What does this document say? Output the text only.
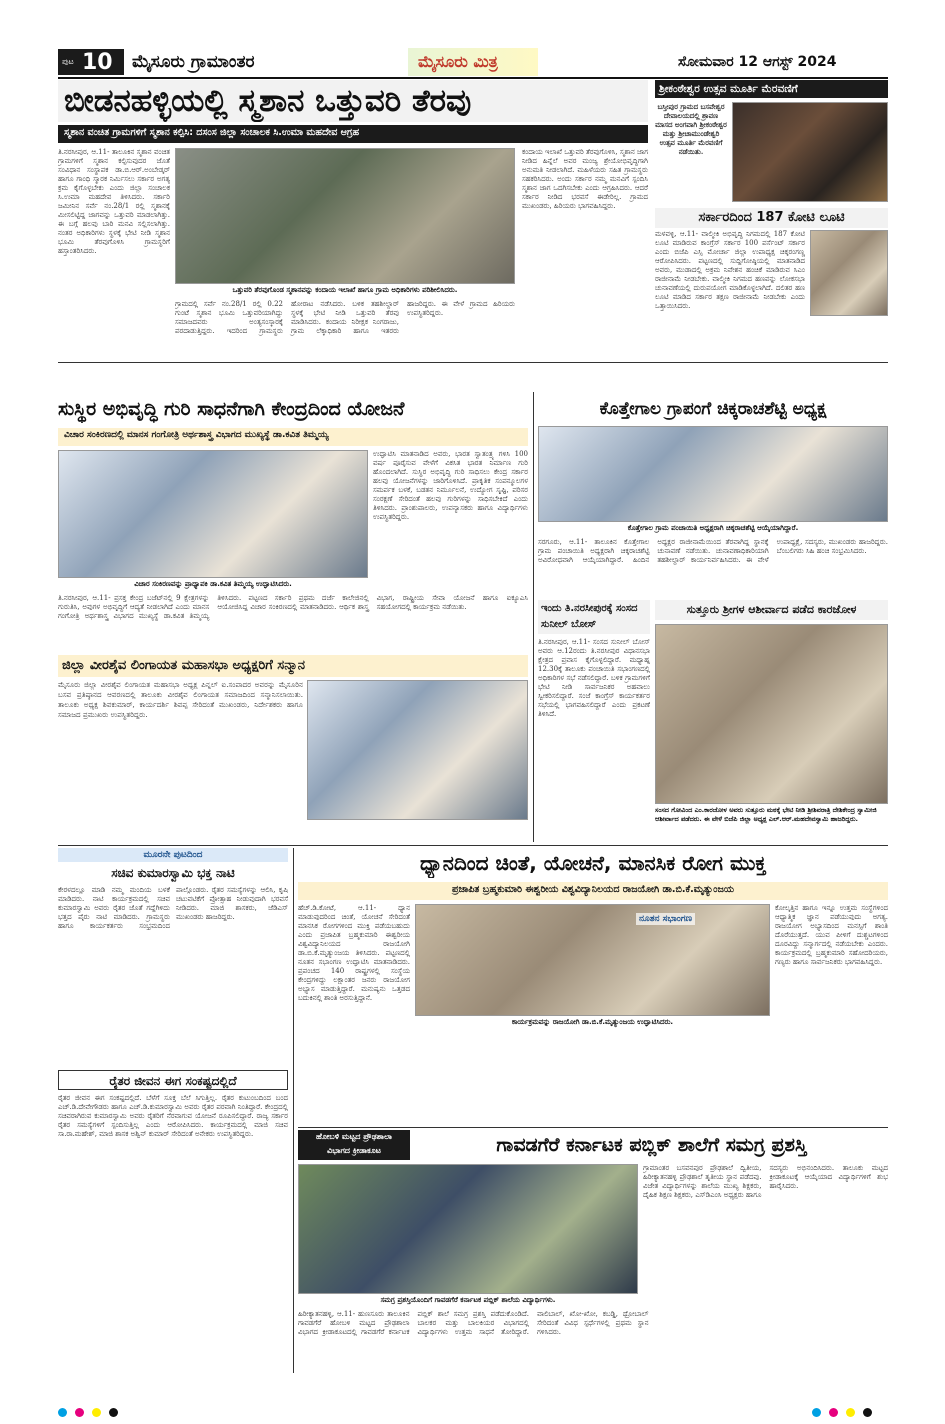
ಪುಟ 10 ಮೈಸೂರು ಗ್ರಾಮಾಂತರ	ಮೈಸೂರು ಮಿತ್ರ	ಸೋಮವಾರ 12 ಆಗಸ್ಟ್ 2024
ಬೀಡನಹಳ್ಳಿಯಲ್ಲಿ ಸ್ಮಶಾನ ಒತ್ತುವರಿ ತೆರವು
ಸ್ಮಶಾನ ವಂಚಿತ ಗ್ರಾಮಗಳಿಗೆ ಸ್ಮಶಾನ ಕಲ್ಪಿಸಿ: ದಸಂಸ ಜಿಲ್ಲಾ ಸಂಚಾಲಕ ಸಿ.ಉಮಾ ಮಹದೇವ ಆಗ್ರಹ
ತಿ.ನರಸೀಪುರ, ಆ.11- ತಾಲೂಕಿನ ಸ್ಮಶಾನ ವಂಚಿತ ಗ್ರಾಮಗಳಿಗೆ ಸ್ಮಶಾನ ಕಲ್ಪಿಸುವುದರ ಜೊತೆ ಸಂವಿಧಾನ ಸಂಸ್ಥಾಪಕ ಡಾ.ಬಿ.ಆರ್.ಅಂಬೇಡ್ಕರ್ ಹಾಗೂ ಗಾಂಧಿ ಸ್ಮಾರಕ ನಿರ್ಮಿಸಲು ಸರ್ಕಾರ ಅಗತ್ಯ ಕ್ರಮ ಕೈಗೊಳ್ಳಬೇಕು ಎಂದು ಜಿಲ್ಲಾ ಸಂಚಾಲಕ ಸಿ.ಉಮಾ ಮಹದೇವ ತಿಳಿಸಿದರು. ಸರ್ಕಾರಿ ಜಮೀನಿನ ಸರ್ವೆ ನಂ.28/1 ರಲ್ಲಿ ಸ್ಮಶಾನಕ್ಕೆ ಮೀಸಲಿಟ್ಟಿದ್ದ ಜಾಗವನ್ನು ಒತ್ತುವರಿ ಮಾಡಲಾಗಿತ್ತು. ಈ ಬಗ್ಗೆ ಹಲವು ಬಾರಿ ಮನವಿ ಸಲ್ಲಿಸಲಾಗಿತ್ತು. ನಂತರ ಅಧಿಕಾರಿಗಳು ಸ್ಥಳಕ್ಕೆ ಭೇಟಿ ನೀಡಿ ಸ್ಮಶಾನ ಭೂಮಿ ತೆರವುಗೊಳಿಸಿ ಗ್ರಾಮಸ್ಥರಿಗೆ ಹಸ್ತಾಂತರಿಸಿದರು.
ಒತ್ತುವರಿ ತೆರವುಗೊಂಡ ಸ್ಮಶಾನವನ್ನು ಕಂದಾಯ ಇಲಾಖೆ ಹಾಗೂ ಗ್ರಾಮ ಅಧಿಕಾರಿಗಳು ಪರಿಶೀಲಿಸಿದರು.
ಕಂದಾಯ ಇಲಾಖೆ ಒತ್ತುವರಿ ತೆರವುಗೊಳಿಸಿ, ಸ್ಮಶಾನ ಜಾಗ ನೀಡಿದ ಹಿನ್ನೆಲೆ ಅವರ ಮಂಜ್ಯ ಶ್ರೇಯೋಭಿವೃದ್ಧಿಗಾಗಿ ಅನುಮತಿ ನೀಡಲಾಗಿದೆ. ಮಹಿಳೆಯರು ಸಹಿತ ಗ್ರಾಮಸ್ಥರು ಸಹಕರಿಸಿದರು. ಅಂದು ಸರ್ಕಾರ ನಮ್ಮ ಮನವಿಗೆ ಸ್ಪಂದಿಸಿ ಸ್ಮಶಾನ ಜಾಗ ಒದಗಿಸಬೇಕು ಎಂದು ಆಗ್ರಹಿಸಿದರು. ಆದರೆ ಸರ್ಕಾರ ನೀಡಿದ ಭರವಸೆ ಈಡೇರಿಲ್ಲ. ಗ್ರಾಮದ ಮುಖಂಡರು, ಹಿರಿಯರು ಭಾಗವಹಿಸಿದ್ದರು.
ಗ್ರಾಮದಲ್ಲಿ ಸರ್ವೆ ನಂ.28/1 ರಲ್ಲಿ 0.22 ಗುಂಟೆ ಸ್ಮಶಾನ ಭೂಮಿ ಒತ್ತುವರಿಯಾಗಿದ್ದು ಸಮಾಜದವರು ಅಂತ್ಯಸಂಸ್ಕಾರಕ್ಕೆ ಪರದಾಡುತ್ತಿದ್ದರು. ಇದರಿಂದ ಗ್ರಾಮಸ್ಥರು ಹೋರಾಟ ನಡೆಸಿದರು. ಬಳಿಕ ತಹಶೀಲ್ದಾರ್ ಸ್ಥಳಕ್ಕೆ ಭೇಟಿ ನೀಡಿ ಒತ್ತುವರಿ ತೆರವು ಮಾಡಿಸಿದರು. ಕಂದಾಯ ನಿರೀಕ್ಷಕ ನಿಂಗರಾಜು, ಗ್ರಾಮ ಲೆಕ್ಕಾಧಿಕಾರಿ ಹಾಗೂ ಇತರರು ಹಾಜರಿದ್ದರು. ಈ ವೇಳೆ ಗ್ರಾಮದ ಹಿರಿಯರು ಉಪಸ್ಥಿತರಿದ್ದರು.
ಶ್ರೀಕಂಠೇಶ್ವರ ಉತ್ಸವ ಮೂರ್ತಿ ಮೆರವಣಿಗೆ
ಬಸ್ತೀಪುರ ಗ್ರಾಮದ ಬಸವೇಶ್ವರ ದೇವಾಲಯದಲ್ಲಿ ಶ್ರಾವಣ ಮಾಸದ ಅಂಗವಾಗಿ ಶ್ರೀಕಂಠೇಶ್ವರ ಮತ್ತು ಶ್ರೀಚಾಮುಂಡೇಶ್ವರಿ ಉತ್ಸವ ಮೂರ್ತಿ ಮೆರವಣಿಗೆ ನಡೆಯಿತು.
ಸರ್ಕಾರದಿಂದ 187 ಕೋಟಿ ಲೂಟಿ
ಮಳವಳ್ಳಿ, ಆ.11- ವಾಲ್ಮೀಕಿ ಅಭಿವೃದ್ಧಿ ನಿಗಮದಲ್ಲಿ 187 ಕೋಟಿ ಲೂಟಿ ಮಾಡಿರುವ ಕಾಂಗ್ರೆಸ್ ಸರ್ಕಾರ 100 ಪರ್ಸೆಂಟ್ ಸರ್ಕಾರ ಎಂದು ಬಿಜೆಪಿ ಎಸ್ಸಿ ಮೋರ್ಚಾ ಜಿಲ್ಲಾ ಉಪಾಧ್ಯಕ್ಷ ಚಿಕ್ಕರಂಗಣ್ಣ ಆರೋಪಿಸಿದರು. ಪಟ್ಟಣದಲ್ಲಿ ಸುದ್ದಿಗೋಷ್ಠಿಯಲ್ಲಿ ಮಾತನಾಡಿದ ಅವರು, ಮುಡಾದಲ್ಲಿ ಅಕ್ರಮ ನಿವೇಶನ ಹಂಚಿಕೆ ಮಾಡಿರುವ ಸಿಎಂ ರಾಜೀನಾಮೆ ನೀಡಬೇಕು. ವಾಲ್ಮೀಕಿ ನಿಗಮದ ಹಣವನ್ನು ಲೋಕಸಭಾ ಚುನಾವಣೆಯಲ್ಲಿ ದುರುಪಯೋಗ ಮಾಡಿಕೊಳ್ಳಲಾಗಿದೆ. ದಲಿತರ ಹಣ ಲೂಟಿ ಮಾಡಿದ ಸರ್ಕಾರ ತಕ್ಷಣ ರಾಜೀನಾಮೆ ನೀಡಬೇಕು ಎಂದು ಒತ್ತಾಯಿಸಿದರು.
ಸುಸ್ಥಿರ ಅಭಿವೃದ್ಧಿ ಗುರಿ ಸಾಧನೆಗಾಗಿ ಕೇಂದ್ರದಿಂದ ಯೋಜನೆ
ವಿಚಾರ ಸಂಕಿರಣದಲ್ಲಿ ಮಾನಸ ಗಂಗೋತ್ರಿ ಅರ್ಥಶಾಸ್ತ್ರ ವಿಭಾಗದ ಮುಖ್ಯಸ್ಥೆ ಡಾ.ಕವಿತ ತಿಮ್ಮಯ್ಯ
ವಿಚಾರ ಸಂಕಿರಣವನ್ನು ಪ್ರಾಧ್ಯಾಪಕಿ ಡಾ.ಕವಿತ ತಿಮ್ಮಯ್ಯ ಉದ್ಘಾಟಿಸಿದರು.
ಉದ್ಘಾಟಿಸಿ ಮಾತನಾಡಿದ ಅವರು, ಭಾರತ ಸ್ವಾತಂತ್ರ್ಯ ಗಳಿಸಿ 100 ವರ್ಷ ಪೂರೈಸುವ ವೇಳೆಗೆ ವಿಕಸಿತ ಭಾರತ ನಿರ್ಮಾಣ ಗುರಿ ಹೊಂದಲಾಗಿದೆ. ಸುಸ್ಥಿರ ಅಭಿವೃದ್ಧಿ ಗುರಿ ಸಾಧಿಸಲು ಕೇಂದ್ರ ಸರ್ಕಾರ ಹಲವು ಯೋಜನೆಗಳನ್ನು ಜಾರಿಗೊಳಿಸಿದೆ. ಪ್ರಾಕೃತಿಕ ಸಂಪನ್ಮೂಲಗಳ ಸಮರ್ಪಕ ಬಳಕೆ, ಬಡತನ ನಿರ್ಮೂಲನೆ, ಉದ್ಯೋಗ ಸೃಷ್ಟಿ, ಪರಿಸರ ಸಂರಕ್ಷಣೆ ಸೇರಿದಂತೆ ಹಲವು ಗುರಿಗಳನ್ನು ಸಾಧಿಸಬೇಕಿದೆ ಎಂದು ತಿಳಿಸಿದರು. ಪ್ರಾಂಶುಪಾಲರು, ಉಪನ್ಯಾಸಕರು ಹಾಗೂ ವಿದ್ಯಾರ್ಥಿಗಳು ಉಪಸ್ಥಿತರಿದ್ದರು.
ತಿ.ನರಸೀಪುರ, ಆ.11- ಪ್ರಸಕ್ತ ಕೇಂದ್ರ ಬಜೆಟ್‌ನಲ್ಲಿ 9 ಕ್ಷೇತ್ರಗಳನ್ನು ಗುರುತಿಸಿ, ಅವುಗಳ ಅಭಿವೃದ್ಧಿಗೆ ಆದ್ಯತೆ ನೀಡಲಾಗಿದೆ ಎಂದು ಮಾನಸ ಗಂಗೋತ್ರಿ ಅರ್ಥಶಾಸ್ತ್ರ ವಿಭಾಗದ ಮುಖ್ಯಸ್ಥೆ ಡಾ.ಕವಿತ ತಿಮ್ಮಯ್ಯ ತಿಳಿಸಿದರು. ಪಟ್ಟಣದ ಸರ್ಕಾರಿ ಪ್ರಥಮ ದರ್ಜೆ ಕಾಲೇಜಿನಲ್ಲಿ ಆಯೋಜಿಸಿದ್ದ ವಿಚಾರ ಸಂಕಿರಣದಲ್ಲಿ ಮಾತನಾಡಿದರು. ಆರ್ಥಿಕ ಶಾಸ್ತ್ರ ವಿಭಾಗ, ರಾಷ್ಟ್ರೀಯ ಸೇವಾ ಯೋಜನೆ ಹಾಗೂ ಐಕ್ಯೂಎಸಿ ಸಹಯೋಗದಲ್ಲಿ ಕಾರ್ಯಕ್ರಮ ನಡೆಯಿತು.
ಕೊತ್ತೇಗಾಲ ಗ್ರಾಪಂಗೆ ಚಿಕ್ಕರಾಚಶೆಟ್ಟಿ ಅಧ್ಯಕ್ಷ
ಕೊತ್ತೇಗಾಲ ಗ್ರಾಮ ಪಂಚಾಯಿತಿ ಅಧ್ಯಕ್ಷರಾಗಿ ಚಿಕ್ಕರಾಚಶೆಟ್ಟಿ ಆಯ್ಕೆಯಾಗಿದ್ದಾರೆ.
ಸರಗೂರು, ಆ.11- ತಾಲೂಕಿನ ಕೊತ್ತೇಗಾಲ ಗ್ರಾಮ ಪಂಚಾಯಿತಿ ಅಧ್ಯಕ್ಷರಾಗಿ ಚಿಕ್ಕರಾಚಶೆಟ್ಟಿ ಅವಿರೋಧವಾಗಿ ಆಯ್ಕೆಯಾಗಿದ್ದಾರೆ. ಹಿಂದಿನ ಅಧ್ಯಕ್ಷರ ರಾಜೀನಾಮೆಯಿಂದ ತೆರವಾಗಿದ್ದ ಸ್ಥಾನಕ್ಕೆ ಚುನಾವಣೆ ನಡೆಯಿತು. ಚುನಾವಣಾಧಿಕಾರಿಯಾಗಿ ತಹಶೀಲ್ದಾರ್ ಕಾರ್ಯನಿರ್ವಹಿಸಿದರು. ಈ ವೇಳೆ ಉಪಾಧ್ಯಕ್ಷೆ, ಸದಸ್ಯರು, ಮುಖಂಡರು ಹಾಜರಿದ್ದರು. ಬೆಂಬಲಿಗರು ಸಿಹಿ ಹಂಚಿ ಸಂಭ್ರಮಿಸಿದರು.
ಇಂದು ತಿ.ನರಸೀಪುರಕ್ಕೆ ಸಂಸದ ಸುನೀಲ್ ಬೋಸ್
ತಿ.ನರಸೀಪುರ, ಆ.11- ಸಂಸದ ಸುನೀಲ್ ಬೋಸ್ ಅವರು ಆ.12ರಂದು ತಿ.ನರಸೀಪುರ ವಿಧಾನಸಭಾ ಕ್ಷೇತ್ರದ ಪ್ರವಾಸ ಕೈಗೊಳ್ಳಲಿದ್ದಾರೆ. ಮಧ್ಯಾಹ್ನ 12.30ಕ್ಕೆ ತಾಲೂಕು ಪಂಚಾಯಿತಿ ಸಭಾಂಗಣದಲ್ಲಿ ಅಧಿಕಾರಿಗಳ ಸಭೆ ನಡೆಸಲಿದ್ದಾರೆ. ಬಳಿಕ ಗ್ರಾಮಗಳಿಗೆ ಭೇಟಿ ನೀಡಿ ಸಾರ್ವಜನಿಕರ ಅಹವಾಲು ಸ್ವೀಕರಿಸಲಿದ್ದಾರೆ. ಸಂಜೆ ಕಾಂಗ್ರೆಸ್ ಕಾರ್ಯಕರ್ತರ ಸಭೆಯಲ್ಲಿ ಭಾಗವಹಿಸಲಿದ್ದಾರೆ ಎಂದು ಪ್ರಕಟಣೆ ತಿಳಿಸಿದೆ.
ಸುತ್ತೂರು ಶ್ರೀಗಳ ಆಶೀರ್ವಾದ ಪಡೆದ ಕಾರಜೋಳ
ಸಂಸದ ಗೋವಿಂದ ಎಂ.ಕಾರಜೋಳ ಅವರು ಸುತ್ತೂರು ಮಠಕ್ಕೆ ಭೇಟಿ ನೀಡಿ ಶ್ರೀಶಿವರಾತ್ರಿ ದೇಶಿಕೇಂದ್ರ ಸ್ವಾಮೀಜಿ ಆಶೀರ್ವಾದ ಪಡೆದರು. ಈ ವೇಳೆ ಬಿಜೆಪಿ ಜಿಲ್ಲಾ ಅಧ್ಯಕ್ಷ ಎಲ್.ಆರ್.ಮಹದೇವಸ್ವಾಮಿ ಹಾಜರಿದ್ದರು.
ಜಿಲ್ಲಾ ವೀರಶೈವ ಲಿಂಗಾಯತ ಮಹಾಸಭಾ ಅಧ್ಯಕ್ಷರಿಗೆ ಸನ್ಮಾನ
ಮೈಸೂರು ಜಿಲ್ಲಾ ವೀರಶೈವ ಲಿಂಗಾಯತ ಮಹಾಸಭಾ ಅಧ್ಯಕ್ಷ ಪಿನ್ನಲ್ ಐ.ಸಂಪಾದರ ಅವರನ್ನು ಮೈಸೂರಿನ ಬಸವ ಪ್ರತಿಷ್ಠಾನದ ಆವರಣದಲ್ಲಿ ತಾಲೂಕು ವೀರಶೈವ ಲಿಂಗಾಯತ ಸಮಾಜದಿಂದ ಸನ್ಮಾನಿಸಲಾಯಿತು. ತಾಲೂಕು ಅಧ್ಯಕ್ಷ ಶಿವಕುಮಾರ್, ಕಾರ್ಯದರ್ಶಿ ಶಿವಪ್ಪ ಸೇರಿದಂತೆ ಮುಖಂಡರು, ನಿರ್ದೇಶಕರು ಹಾಗೂ ಸಮಾಜದ ಪ್ರಮುಖರು ಉಪಸ್ಥಿತರಿದ್ದರು.
ಮೂರನೇ ಪುಟದಿಂದ
ಸಚಿವ ಕುಮಾರಸ್ವಾಮಿ ಭಕ್ತ ನಾಟಿ
ಕೇರಳದಲ್ಲೂ ಮಾಡಿ ನಮ್ಮ ಮಂದಿಯ ಬಳಕೆ ಮಾಡಿದರು. ನಾಟಿ ಕಾರ್ಯಕ್ರಮದಲ್ಲಿ ಸಚಿವ ಕುಮಾರಸ್ವಾಮಿ ಅವರು ರೈತರ ಜೊತೆ ಗದ್ದೆಗಿಳಿದು ಭತ್ತದ ಪೈರು ನಾಟಿ ಮಾಡಿದರು. ಗ್ರಾಮಸ್ಥರು ಹಾಗೂ ಕಾರ್ಯಕರ್ತರು ಸಂಭ್ರಮದಿಂದ ಪಾಲ್ಗೊಂಡರು. ರೈತರ ಸಮಸ್ಯೆಗಳನ್ನು ಆಲಿಸಿ, ಕೃಷಿ ಚಟುವಟಿಕೆಗೆ ಪ್ರೋತ್ಸಾಹ ನೀಡುವುದಾಗಿ ಭರವಸೆ ನೀಡಿದರು. ಮಾಜಿ ಶಾಸಕರು, ಜೆಡಿಎಸ್ ಮುಖಂಡರು ಹಾಜರಿದ್ದರು.
ರೈತರ ಜೀವನ ಈಗ ಸಂಕಷ್ಟದಲ್ಲಿದೆ
ರೈತರ ಜೀವನ ಈಗ ಸಂಕಷ್ಟದಲ್ಲಿದೆ. ಬೆಳೆಗೆ ಸೂಕ್ತ ಬೆಲೆ ಸಿಗುತ್ತಿಲ್ಲ. ರೈತರ ಕುಟುಂಬದಿಂದ ಬಂದ ಎಚ್.ಡಿ.ದೇವೇಗೌಡರು ಹಾಗೂ ಎಚ್.ಡಿ.ಕುಮಾರಸ್ವಾಮಿ ಅವರು ರೈತರ ಪರವಾಗಿ ನಿಂತಿದ್ದಾರೆ. ಕೇಂದ್ರದಲ್ಲಿ ಸಚಿವರಾಗಿರುವ ಕುಮಾರಸ್ವಾಮಿ ಅವರು ರೈತರಿಗೆ ನೆರವಾಗುವ ಯೋಜನೆ ರೂಪಿಸಲಿದ್ದಾರೆ. ರಾಜ್ಯ ಸರ್ಕಾರ ರೈತರ ಸಮಸ್ಯೆಗಳಿಗೆ ಸ್ಪಂದಿಸುತ್ತಿಲ್ಲ ಎಂದು ಆರೋಪಿಸಿದರು. ಕಾರ್ಯಕ್ರಮದಲ್ಲಿ ಮಾಜಿ ಸಚಿವ ಸಾ.ರಾ.ಮಹೇಶ್, ಮಾಜಿ ಶಾಸಕ ಅಶ್ವಿನ್ ಕುಮಾರ್ ಸೇರಿದಂತೆ ಅನೇಕರು ಉಪಸ್ಥಿತರಿದ್ದರು.
ಧ್ಯಾನದಿಂದ ಚಿಂತೆ, ಯೋಚನೆ, ಮಾನಸಿಕ ರೋಗ ಮುಕ್ತ
ಪ್ರಜಾಪಿತ ಬ್ರಹ್ಮಕುಮಾರಿ ಈಶ್ವರೀಯ ವಿಶ್ವವಿದ್ಯಾನಿಲಯದ ರಾಜಯೋಗಿ ಡಾ.ಬಿ.ಕೆ.ಮೃತ್ಯುಂಜಯ
ಹೆಚ್.ಡಿ.ಕೋಟೆ, ಆ.11- ಧ್ಯಾನ ಮಾಡುವುದರಿಂದ ಚಿಂತೆ, ಯೋಚನೆ ಸೇರಿದಂತೆ ಮಾನಸಿಕ ರೋಗಗಳಿಂದ ಮುಕ್ತಿ ಪಡೆಯಬಹುದು ಎಂದು ಪ್ರಜಾಪಿತ ಬ್ರಹ್ಮಕುಮಾರಿ ಈಶ್ವರೀಯ ವಿಶ್ವವಿದ್ಯಾನಿಲಯದ ರಾಜಯೋಗಿ ಡಾ.ಬಿ.ಕೆ.ಮೃತ್ಯುಂಜಯ ತಿಳಿಸಿದರು. ಪಟ್ಟಣದಲ್ಲಿ ನೂತನ ಸಭಾಂಗಣ ಉದ್ಘಾಟಿಸಿ ಮಾತನಾಡಿದರು. ಪ್ರಪಂಚದ 140 ರಾಷ್ಟ್ರಗಳಲ್ಲಿ ಸಂಸ್ಥೆಯ ಕೇಂದ್ರಗಳಿದ್ದು ಲಕ್ಷಾಂತರ ಜನರು ರಾಜಯೋಗ ಅಭ್ಯಾಸ ಮಾಡುತ್ತಿದ್ದಾರೆ. ಮನುಷ್ಯನು ಒತ್ತಡದ ಬದುಕಿನಲ್ಲಿ ಶಾಂತಿ ಅರಸುತ್ತಿದ್ದಾನೆ.
ನೂತನ ಸಭಾಂಗಣ
ಕಾರ್ಯಕ್ರಮವನ್ನು ರಾಜಯೋಗಿ ಡಾ.ಬಿ.ಕೆ.ಮೃತ್ಯುಂಜಯ ಉದ್ಘಾಟಿಸಿದರು.
ಕೋಲ್ಕತ್ತಿನ ಹಾಗೂ ಇನ್ನೂ ಉತ್ತಮ ಸಂಸ್ಥೆಗಳಿಂದ ಆಧ್ಯಾತ್ಮಿಕ ಜ್ಞಾನ ಪಡೆಯುವುದು ಅಗತ್ಯ. ರಾಜಯೋಗ ಅಭ್ಯಾಸದಿಂದ ಮನಸ್ಸಿಗೆ ಶಾಂತಿ ದೊರೆಯುತ್ತದೆ. ಯುವ ಪೀಳಿಗೆ ದುಶ್ಚಟಗಳಿಂದ ದೂರವಿದ್ದು ಸನ್ಮಾರ್ಗದಲ್ಲಿ ನಡೆಯಬೇಕು ಎಂದರು. ಕಾರ್ಯಕ್ರಮದಲ್ಲಿ ಬ್ರಹ್ಮಕುಮಾರಿ ಸಹೋದರಿಯರು, ಗಣ್ಯರು ಹಾಗೂ ಸಾರ್ವಜನಿಕರು ಭಾಗವಹಿಸಿದ್ದರು.
ಹೋಬಳಿ ಮಟ್ಟದ ಪ್ರೌಢಶಾಲಾ
ವಿಭಾಗದ ಕ್ರೀಡಾಕೂಟ	ಗಾವಡಗೆರೆ ಕರ್ನಾಟಕ ಪಬ್ಲಿಕ್ ಶಾಲೆಗೆ ಸಮಗ್ರ ಪ್ರಶಸ್ತಿ
ಸಮಗ್ರ ಪ್ರಶಸ್ತಿಯೊಂದಿಗೆ ಗಾವಡಗೆರೆ ಕರ್ನಾಟಕ ಪಬ್ಲಿಕ್ ಶಾಲೆಯ ವಿದ್ಯಾರ್ಥಿಗಳು.
ಹಿರೀಕ್ಯಾತನಹಳ್ಳಿ, ಆ.11- ಹುಣಸೂರು ತಾಲೂಕಿನ ಗಾವಡಗೆರೆ ಹೋಬಳಿ ಮಟ್ಟದ ಪ್ರೌಢಶಾಲಾ ವಿಭಾಗದ ಕ್ರೀಡಾಕೂಟದಲ್ಲಿ ಗಾವಡಗೆರೆ ಕರ್ನಾಟಕ ಪಬ್ಲಿಕ್ ಶಾಲೆ ಸಮಗ್ರ ಪ್ರಶಸ್ತಿ ಪಡೆದುಕೊಂಡಿದೆ. ಬಾಲಕರ ಮತ್ತು ಬಾಲಕಿಯರ ವಿಭಾಗದಲ್ಲಿ ವಿದ್ಯಾರ್ಥಿಗಳು ಉತ್ತಮ ಸಾಧನೆ ತೋರಿದ್ದಾರೆ. ವಾಲಿಬಾಲ್, ಖೋ-ಖೋ, ಕಬಡ್ಡಿ, ಥ್ರೋಬಾಲ್ ಸೇರಿದಂತೆ ವಿವಿಧ ಸ್ಪರ್ಧೆಗಳಲ್ಲಿ ಪ್ರಥಮ ಸ್ಥಾನ ಗಳಿಸಿದರು.
ಗ್ರಾಮಾಂತರ ಬಸವನಪುರ ಪ್ರೌಢಶಾಲೆ ದ್ವಿತೀಯ, ಹಿರೀಕ್ಯಾತನಹಳ್ಳಿ ಪ್ರೌಢಶಾಲೆ ತೃತೀಯ ಸ್ಥಾನ ಪಡೆದವು. ವಿಜೇತ ವಿದ್ಯಾರ್ಥಿಗಳನ್ನು ಶಾಲೆಯ ಮುಖ್ಯ ಶಿಕ್ಷಕರು, ದೈಹಿಕ ಶಿಕ್ಷಣ ಶಿಕ್ಷಕರು, ಎಸ್‌ಡಿಎಂಸಿ ಅಧ್ಯಕ್ಷರು ಹಾಗೂ ಸದಸ್ಯರು ಅಭಿನಂದಿಸಿದರು. ತಾಲೂಕು ಮಟ್ಟದ ಕ್ರೀಡಾಕೂಟಕ್ಕೆ ಆಯ್ಕೆಯಾದ ವಿದ್ಯಾರ್ಥಿಗಳಿಗೆ ಶುಭ ಹಾರೈಸಿದರು.
